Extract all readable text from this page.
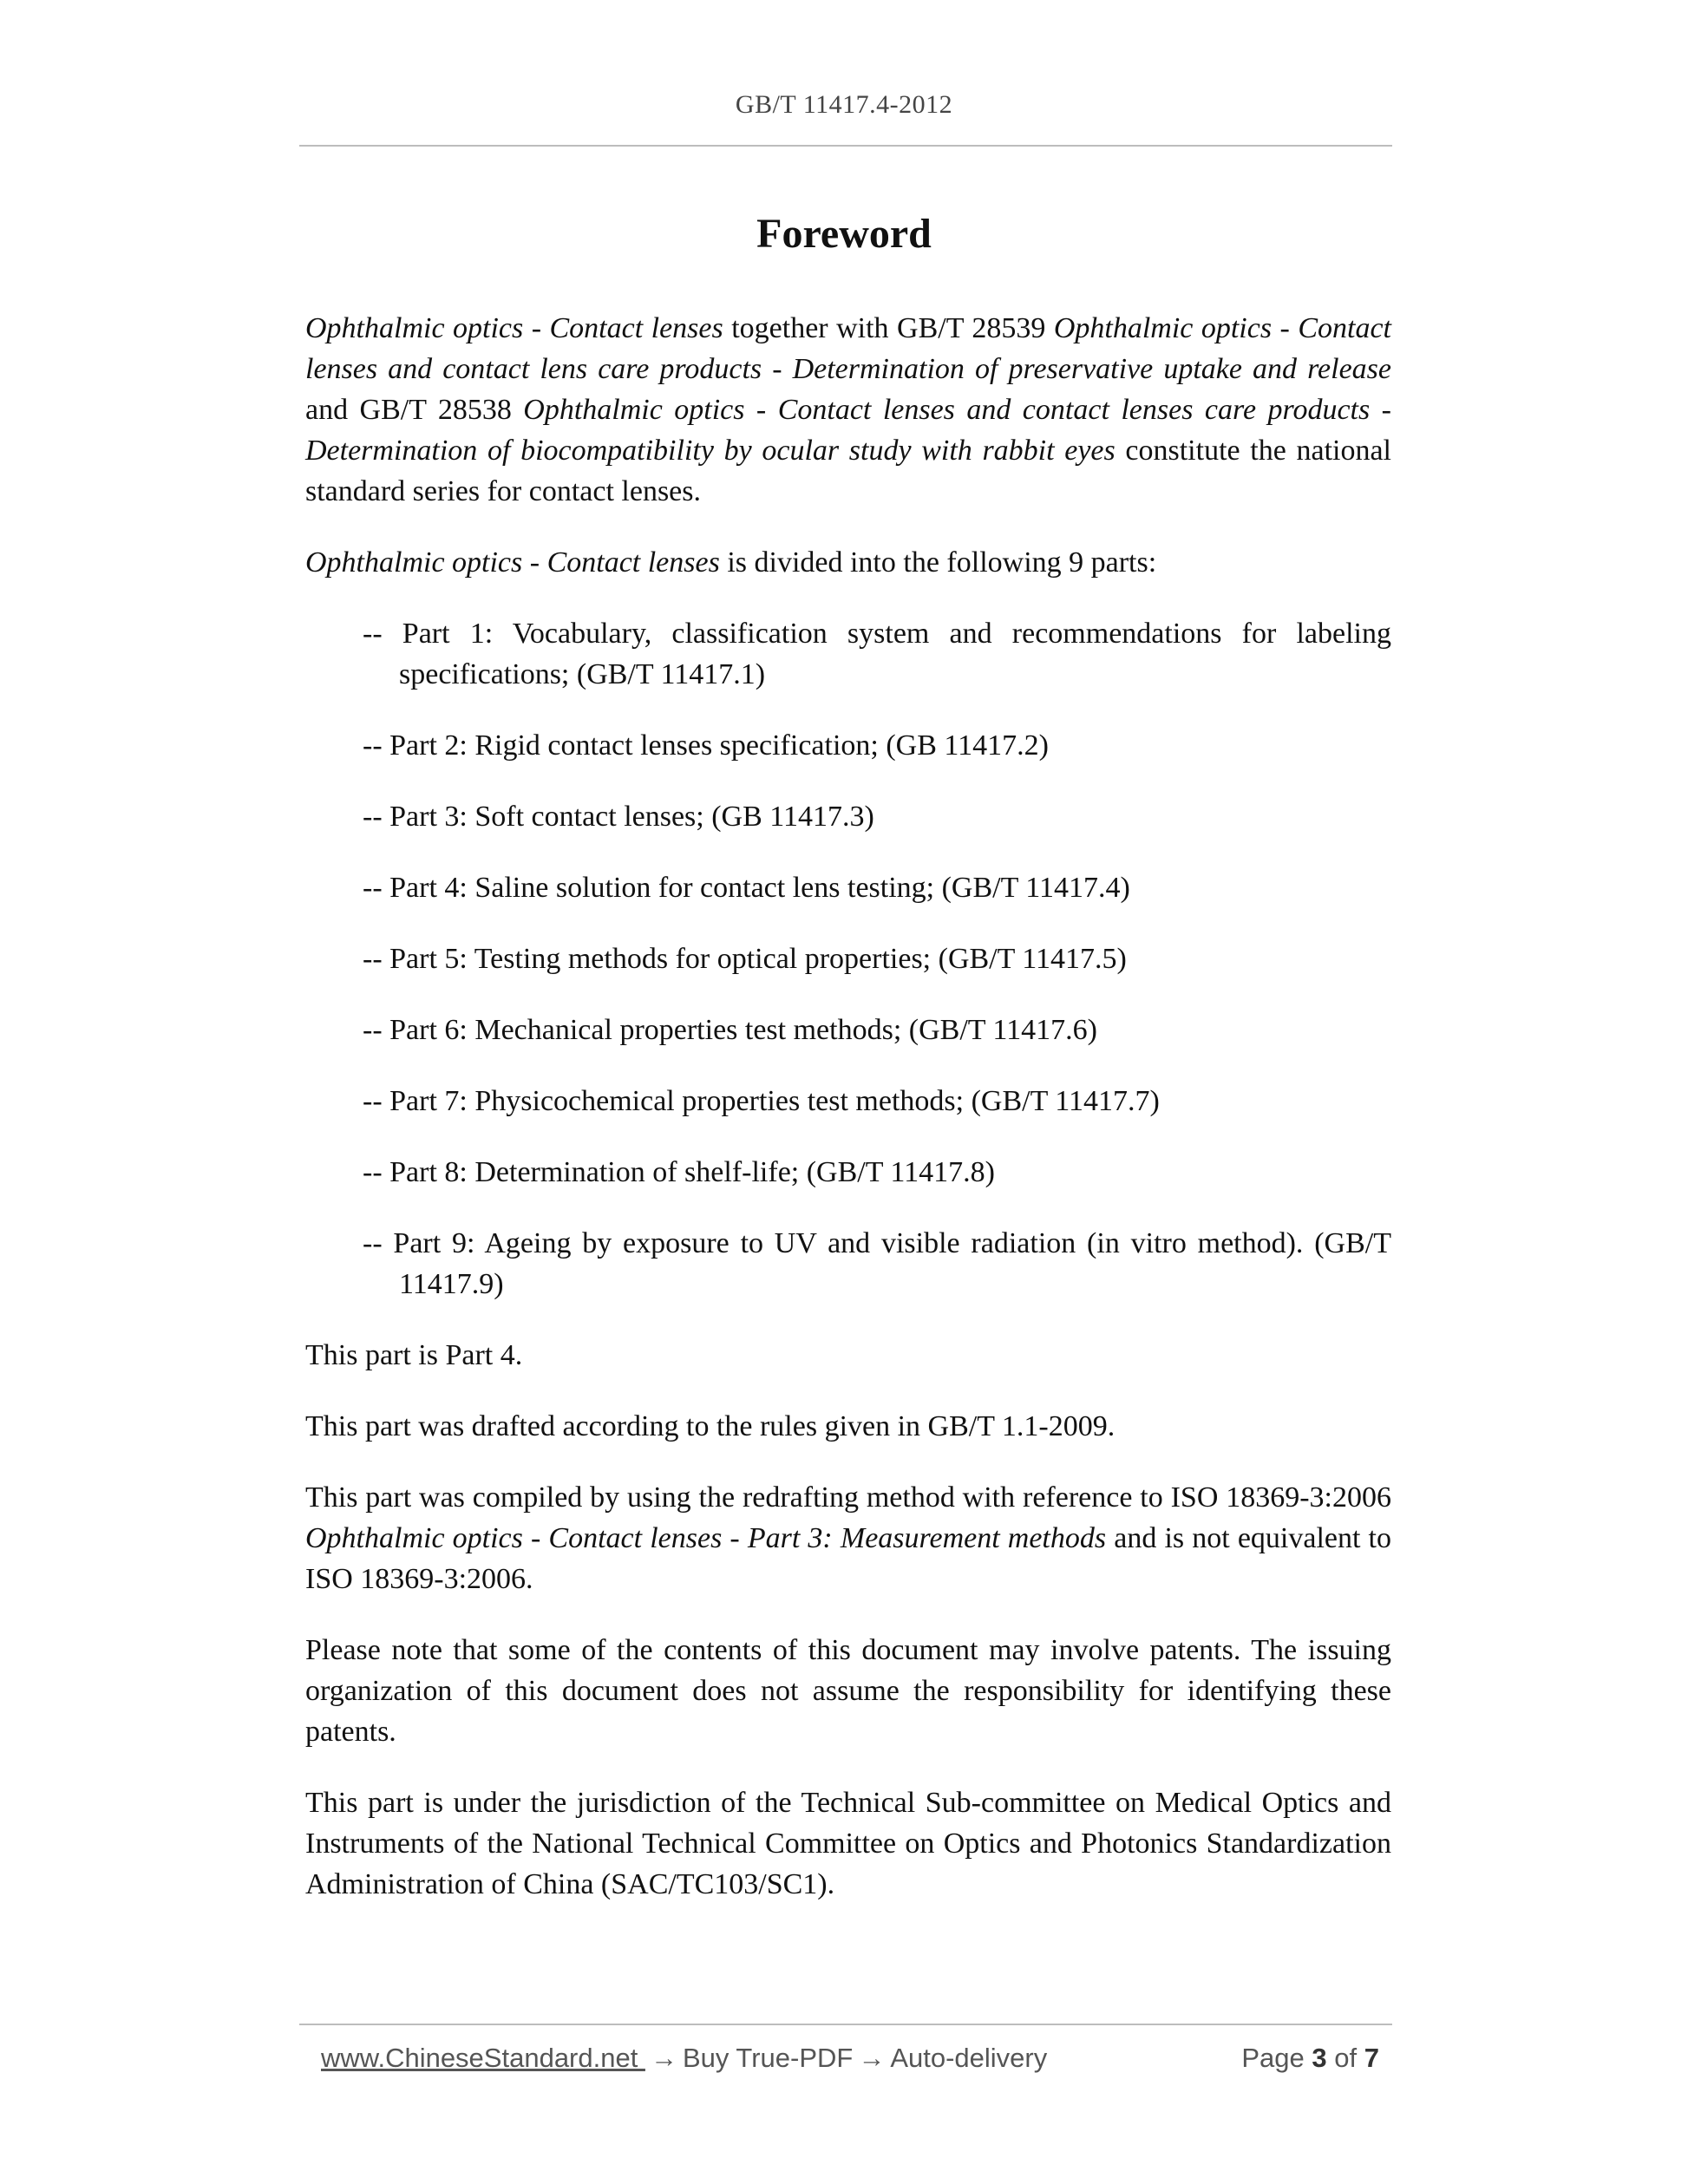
GB/T 11417.4-2012
Foreword

Ophthalmic optics - Contact lenses together with GB/T 28539 Ophthalmic optics - Contact lenses and contact lens care products - Determination of preservative uptake and release and GB/T 28538 Ophthalmic optics - Contact lenses and contact lenses care products - Determination of biocompatibility by ocular study with rabbit eyes constitute the national standard series for contact lenses.

Ophthalmic optics - Contact lenses is divided into the following 9 parts:

-- Part 1: Vocabulary, classification system and recommendations for labeling specifications; (GB/T 11417.1)

-- Part 2: Rigid contact lenses specification; (GB 11417.2)

-- Part 3: Soft contact lenses; (GB 11417.3)

-- Part 4: Saline solution for contact lens testing; (GB/T 11417.4)

-- Part 5: Testing methods for optical properties; (GB/T 11417.5)

-- Part 6: Mechanical properties test methods; (GB/T 11417.6)

-- Part 7: Physicochemical properties test methods; (GB/T 11417.7)

-- Part 8: Determination of shelf-life; (GB/T 11417.8)

-- Part 9: Ageing by exposure to UV and visible radiation (in vitro method). (GB/T 11417.9)

This part is Part 4.

This part was drafted according to the rules given in GB/T 1.1-2009.

This part was compiled by using the redrafting method with reference to ISO 18369-3:2006 Ophthalmic optics - Contact lenses - Part 3: Measurement methods and is not equivalent to ISO 18369-3:2006.

Please note that some of the contents of this document may involve patents. The issuing organization of this document does not assume the responsibility for identifying these patents.

This part is under the jurisdiction of the Technical Sub-committee on Medical Optics and Instruments of the National Technical Committee on Optics and Photonics Standardization Administration of China (SAC/TC103/SC1).

www.ChineseStandard.net → Buy True-PDF → Auto-delivery	Page 3 of 7
